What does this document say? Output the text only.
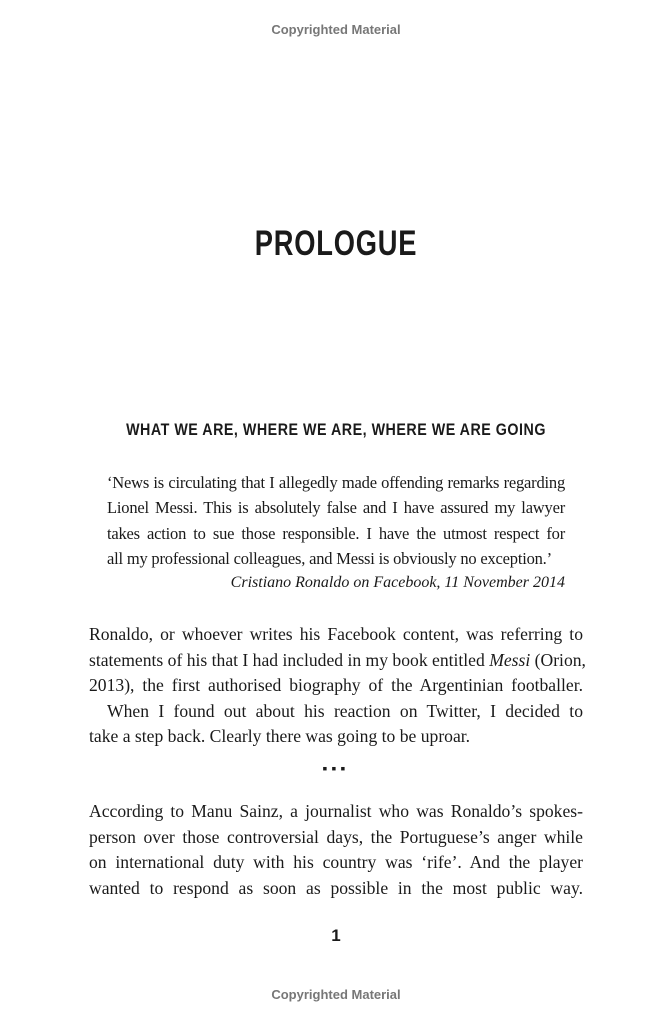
Copyrighted Material
PROLOGUE
WHAT WE ARE, WHERE WE ARE, WHERE WE ARE GOING
‘News is circulating that I allegedly made offending remarks regarding
Lionel Messi. This is absolutely false and I have assured my lawyer
takes action to sue those responsible. I have the utmost respect for
all my professional colleagues, and Messi is obviously no exception.’
Cristiano Ronaldo on Facebook, 11 November 2014
Ronaldo, or whoever writes his Facebook content, was referring to
statements of his that I had included in my book entitled Messi (Orion,
2013), the first authorised biography of the Argentinian footballer.
When I found out about his reaction on Twitter, I decided to
take a step back. Clearly there was going to be uproar.
▪▪▪
According to Manu Sainz, a journalist who was Ronaldo’s spokes-
person over those controversial days, the Portuguese’s anger while
on international duty with his country was ‘rife’. And the player
wanted to respond as soon as possible in the most public way.
1
Copyrighted Material
